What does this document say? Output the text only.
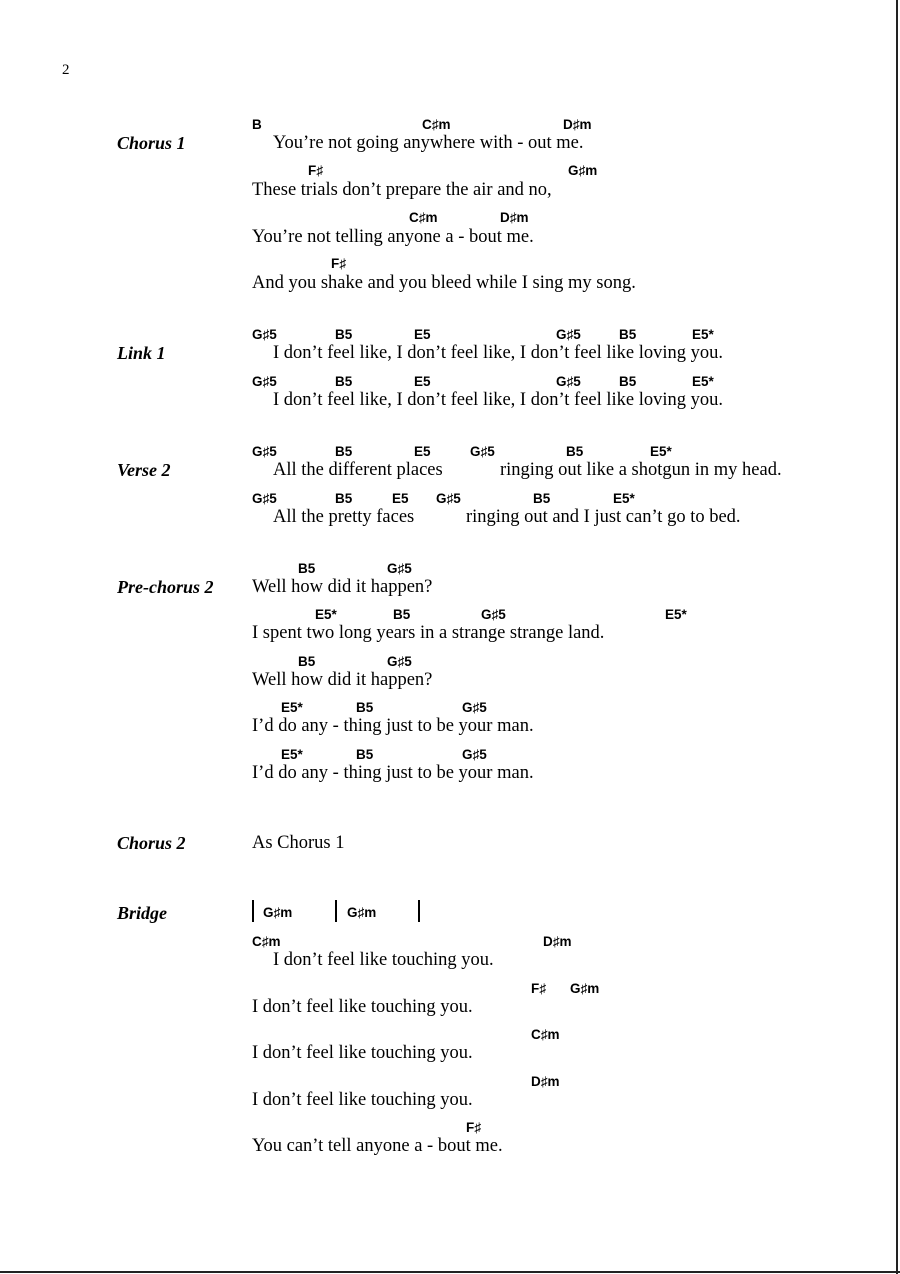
2
Chorus 1
B	C♯m	D♯m
You’re not going anywhere with - out me.
F♯	G♯m
These trials don’t prepare the air and no,
C♯m	D♯m
You’re not telling anyone a - bout me.
F♯
And you shake and you bleed while I sing my song.
Link 1
G♯5	B5	E5	G♯5	B5	E5*
I don’t feel like, I don’t feel like, I don’t feel like loving you.
G♯5	B5	E5	G♯5	B5	E5*
I don’t feel like, I don’t feel like, I don’t feel like loving you.
Verse 2
G♯5	B5	E5	G♯5	B5	E5*
All the different places	ringing out like a shotgun in my head.
G♯5	B5	E5 G♯5	B5	E5*
All the pretty faces	ringing out and I just can’t go to bed.
Pre-chorus 2
B5	G♯5
Well how did it happen?
E5*	B5	G♯5	E5*
I spent two long years in a strange strange land.
B5	G♯5
Well how did it happen?
E5*	B5	G♯5
I’d do any - thing just to be your man.
E5*	B5	G♯5
I’d do any - thing just to be your man.
Chorus 2	As Chorus 1
Bridge	G♯m	G♯m
C♯m	D♯m
I don’t feel like touching you.
F♯ G♯m
I don’t feel like touching you.
C♯m
I don’t feel like touching you.
D♯m
I don’t feel like touching you.
F♯
You can’t tell anyone a - bout me.
